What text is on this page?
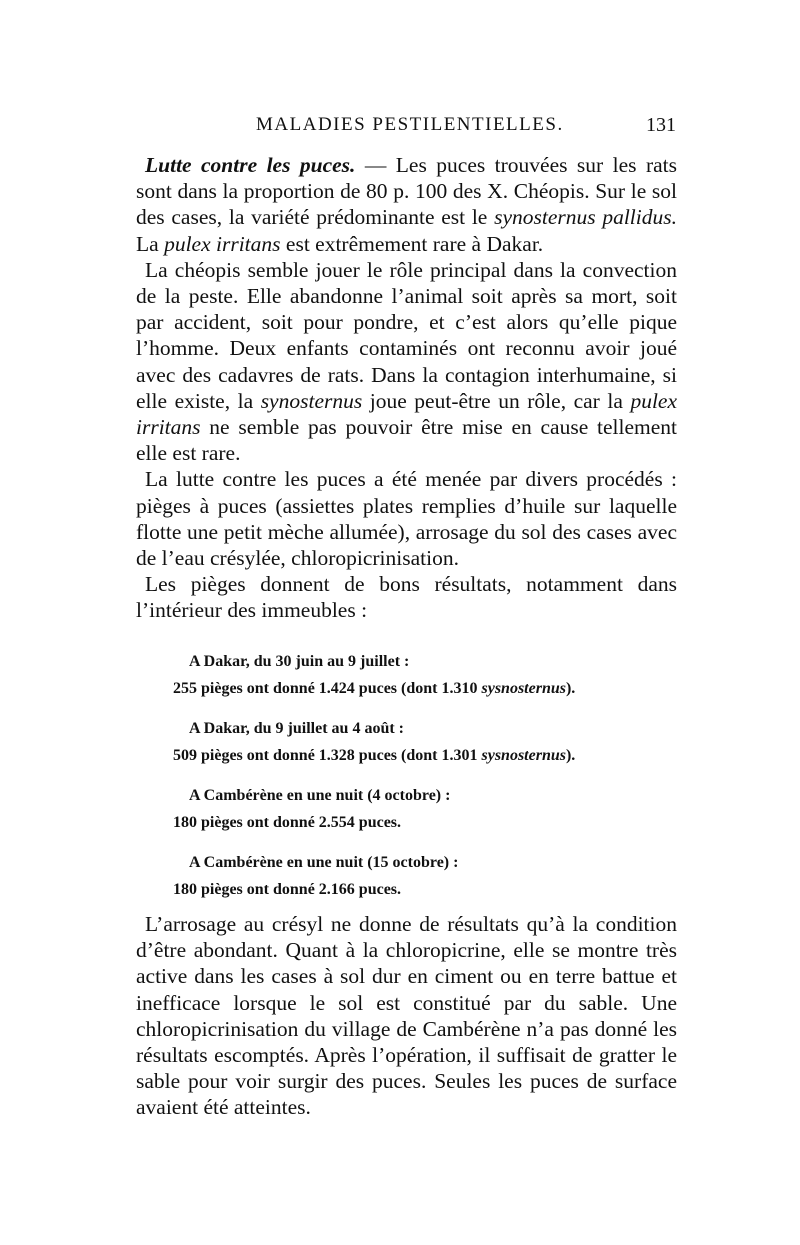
MALADIES PESTILENTIELLES.	131

Lutte contre les puces. — Les puces trouvées sur les rats sont dans la proportion de 80 p. 100 des X. Chéopis. Sur le sol des cases, la variété prédominante est le synosternus pallidus. La pulex irritans est extrêmement rare à Dakar.

La chéopis semble jouer le rôle principal dans la convection de la peste. Elle abandonne l’animal soit après sa mort, soit par accident, soit pour pondre, et c’est alors qu’elle pique l’homme. Deux enfants contaminés ont reconnu avoir joué avec des cadavres de rats. Dans la contagion interhumaine, si elle existe, la synosternus joue peut-être un rôle, car la pulex irritans ne semble pas pouvoir être mise en cause tellement elle est rare.

La lutte contre les puces a été menée par divers procédés : pièges à puces (assiettes plates remplies d’huile sur laquelle flotte une petit mèche allumée), arrosage du sol des cases avec de l’eau crésylée, chloropicrinisation.

Les pièges donnent de bons résultats, notamment dans l’intérieur des immeubles :

A Dakar, du 30 juin au 9 juillet :
255 pièges ont donné 1.424 puces (dont 1.310 sysnosternus).
A Dakar, du 9 juillet au 4 août :
509 pièges ont donné 1.328 puces (dont 1.301 sysnosternus).
A Cambérène en une nuit (4 octobre) :
180 pièges ont donné 2.554 puces.
A Cambérène en une nuit (15 octobre) :
180 pièges ont donné 2.166 puces.

L’arrosage au crésyl ne donne de résultats qu’à la condition d’être abondant. Quant à la chloropicrine, elle se montre très active dans les cases à sol dur en ciment ou en terre battue et inefficace lorsque le sol est constitué par du sable. Une chloropicrinisation du village de Cambérène n’a pas donné les résultats escomptés. Après l’opération, il suffisait de gratter le sable pour voir surgir des puces. Seules les puces de surface avaient été atteintes.
